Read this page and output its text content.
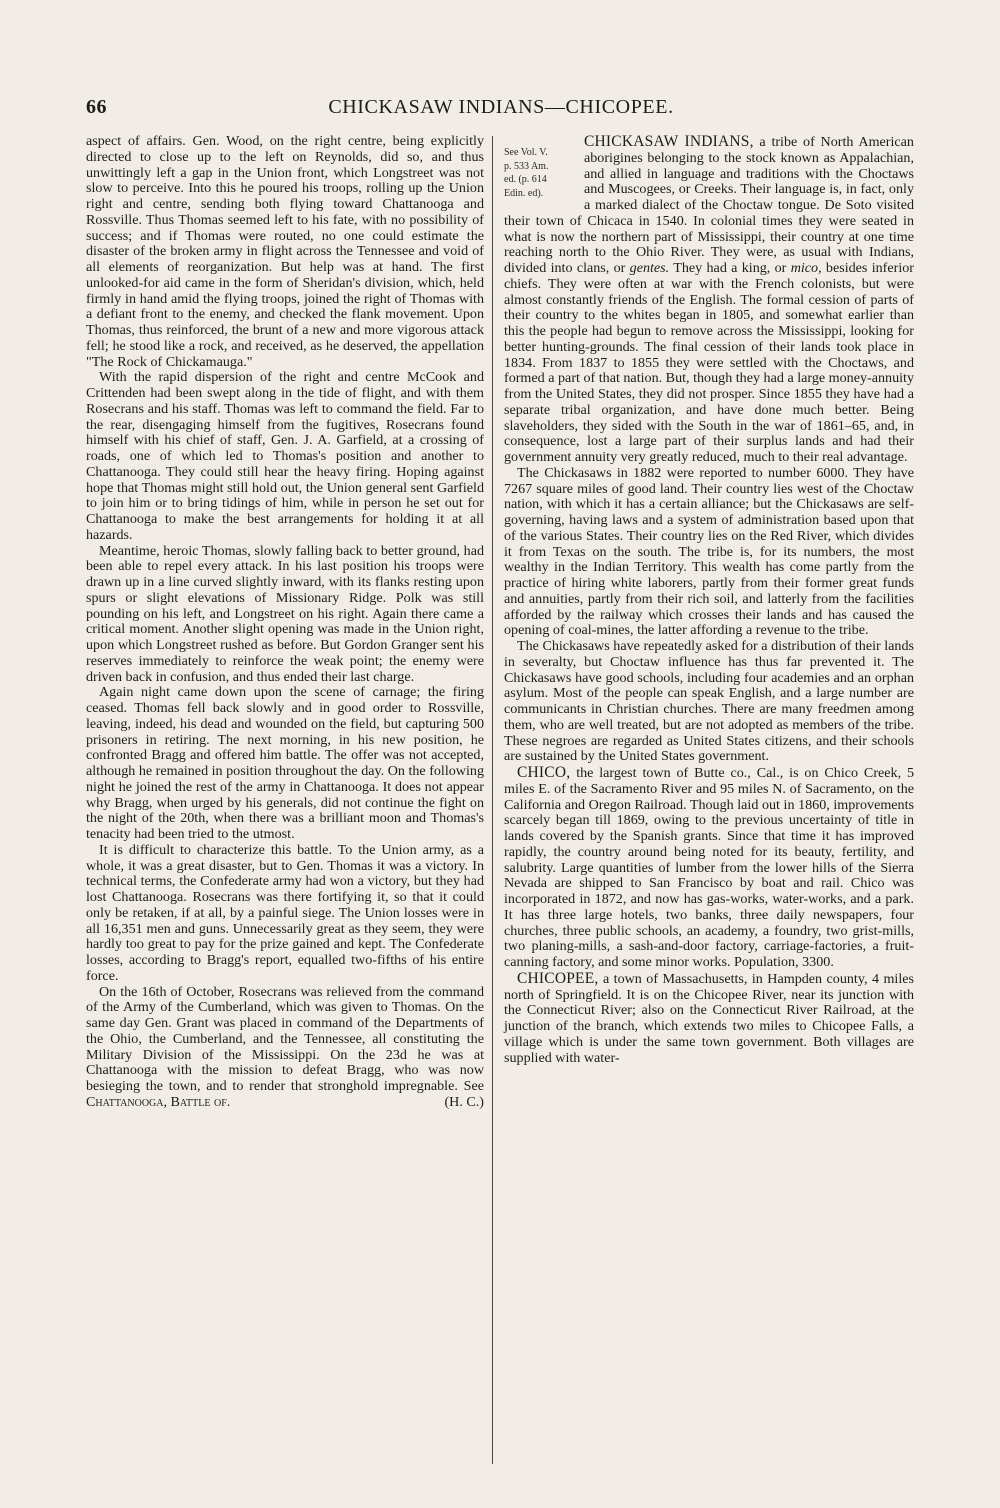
66	CHICKASAW INDIANS—CHICOPEE.

aspect of affairs. Gen. Wood, on the right centre, being explicitly directed to close up to the left on Reynolds, did so, and thus unwittingly left a gap in the Union front, which Longstreet was not slow to perceive. Into this he poured his troops, rolling up the Union right and centre, sending both flying toward Chattanooga and Rossville. Thus Thomas seemed left to his fate, with no possibility of success; and if Thomas were routed, no one could estimate the disaster of the broken army in flight across the Tennessee and void of all elements of reorganization. But help was at hand. The first unlooked-for aid came in the form of Sheridan's division, which, held firmly in hand amid the flying troops, joined the right of Thomas with a defiant front to the enemy, and checked the flank movement. Upon Thomas, thus reinforced, the brunt of a new and more vigorous attack fell; he stood like a rock, and received, as he deserved, the appellation "The Rock of Chickamauga."

With the rapid dispersion of the right and centre McCook and Crittenden had been swept along in the tide of flight, and with them Rosecrans and his staff. Thomas was left to command the field. Far to the rear, disengaging himself from the fugitives, Rosecrans found himself with his chief of staff, Gen. J. A. Garfield, at a crossing of roads, one of which led to Thomas's position and another to Chattanooga. They could still hear the heavy firing. Hoping against hope that Thomas might still hold out, the Union general sent Garfield to join him or to bring tidings of him, while in person he set out for Chattanooga to make the best arrangements for holding it at all hazards.

Meantime, heroic Thomas, slowly falling back to better ground, had been able to repel every attack. In his last position his troops were drawn up in a line curved slightly inward, with its flanks resting upon spurs or slight elevations of Missionary Ridge. Polk was still pounding on his left, and Longstreet on his right. Again there came a critical moment. Another slight opening was made in the Union right, upon which Longstreet rushed as before. But Gordon Granger sent his reserves immediately to reinforce the weak point; the enemy were driven back in confusion, and thus ended their last charge.

Again night came down upon the scene of carnage; the firing ceased. Thomas fell back slowly and in good order to Rossville, leaving, indeed, his dead and wounded on the field, but capturing 500 prisoners in retiring. The next morning, in his new position, he confronted Bragg and offered him battle. The offer was not accepted, although he remained in position throughout the day. On the following night he joined the rest of the army in Chattanooga. It does not appear why Bragg, when urged by his generals, did not continue the fight on the night of the 20th, when there was a brilliant moon and Thomas's tenacity had been tried to the utmost.

It is difficult to characterize this battle. To the Union army, as a whole, it was a great disaster, but to Gen. Thomas it was a victory. In technical terms, the Confederate army had won a victory, but they had lost Chattanooga. Rosecrans was there fortifying it, so that it could only be retaken, if at all, by a painful siege. The Union losses were in all 16,351 men and guns. Unnecessarily great as they seem, they were hardly too great to pay for the prize gained and kept. The Confederate losses, according to Bragg's report, equalled two-fifths of his entire force.

On the 16th of October, Rosecrans was relieved from the command of the Army of the Cumberland, which was given to Thomas. On the same day Gen. Grant was placed in command of the Departments of the Ohio, the Cumberland, and the Tennessee, all constituting the Military Division of the Mississippi. On the 23d he was at Chattanooga with the mission to defeat Bragg, who was now besieging the town, and to render that stronghold impregnable. See Chattanooga, Battle of.	(H. C.)

CHICKASAW INDIANS,
See Vol. V.
p. 533 Am.
ed. (p. 614
Edin. ed).
a tribe of North American aborigines belonging to the stock known as Appalachian, and allied in language and traditions with the Choctaws and Muscogees, or Creeks. Their language is, in fact, only a marked dialect of the Choctaw tongue. De Soto visited their town of Chicaca in 1540. In colonial times they were seated in what is now the northern part of Mississippi, their country at one time reaching north to the Ohio River. They were, as usual with Indians, divided into clans, or gentes. They had a king, or mico, besides inferior chiefs. They were often at war with the French colonists, but were almost constantly friends of the English. The formal cession of parts of their country to the whites began in 1805, and somewhat earlier than this the people had begun to remove across the Mississippi, looking for better hunting-grounds. The final cession of their lands took place in 1834. From 1837 to 1855 they were settled with the Choctaws, and formed a part of that nation. But, though they had a large money-annuity from the United States, they did not prosper. Since 1855 they have had a separate tribal organization, and have done much better. Being slaveholders, they sided with the South in the war of 1861–65, and, in consequence, lost a large part of their surplus lands and had their government annuity very greatly reduced, much to their real advantage.

The Chickasaws in 1882 were reported to number 6000. They have 7267 square miles of good land. Their country lies west of the Choctaw nation, with which it has a certain alliance; but the Chickasaws are self-governing, having laws and a system of administration based upon that of the various States. Their country lies on the Red River, which divides it from Texas on the south. The tribe is, for its numbers, the most wealthy in the Indian Territory. This wealth has come partly from the practice of hiring white laborers, partly from their former great funds and annuities, partly from their rich soil, and latterly from the facilities afforded by the railway which crosses their lands and has caused the opening of coal-mines, the latter affording a revenue to the tribe.

The Chickasaws have repeatedly asked for a distribution of their lands in severalty, but Choctaw influence has thus far prevented it. The Chickasaws have good schools, including four academies and an orphan asylum. Most of the people can speak English, and a large number are communicants in Christian churches. There are many freedmen among them, who are well treated, but are not adopted as members of the tribe. These negroes are regarded as United States citizens, and their schools are sustained by the United States government.

CHICO, the largest town of Butte co., Cal., is on Chico Creek, 5 miles E. of the Sacramento River and 95 miles N. of Sacramento, on the California and Oregon Railroad. Though laid out in 1860, improvements scarcely began till 1869, owing to the previous uncertainty of title in lands covered by the Spanish grants. Since that time it has improved rapidly, the country around being noted for its beauty, fertility, and salubrity. Large quantities of lumber from the lower hills of the Sierra Nevada are shipped to San Francisco by boat and rail. Chico was incorporated in 1872, and now has gas-works, water-works, and a park. It has three large hotels, two banks, three daily newspapers, four churches, three public schools, an academy, a foundry, two grist-mills, two planing-mills, a sash-and-door factory, carriage-factories, a fruit-canning factory, and some minor works. Population, 3300.

CHICOPEE, a town of Massachusetts, in Hampden county, 4 miles north of Springfield. It is on the Chicopee River, near its junction with the Connecticut River; also on the Connecticut River Railroad, at the junction of the branch, which extends two miles to Chicopee Falls, a village which is under the same town government. Both villages are supplied with water-
